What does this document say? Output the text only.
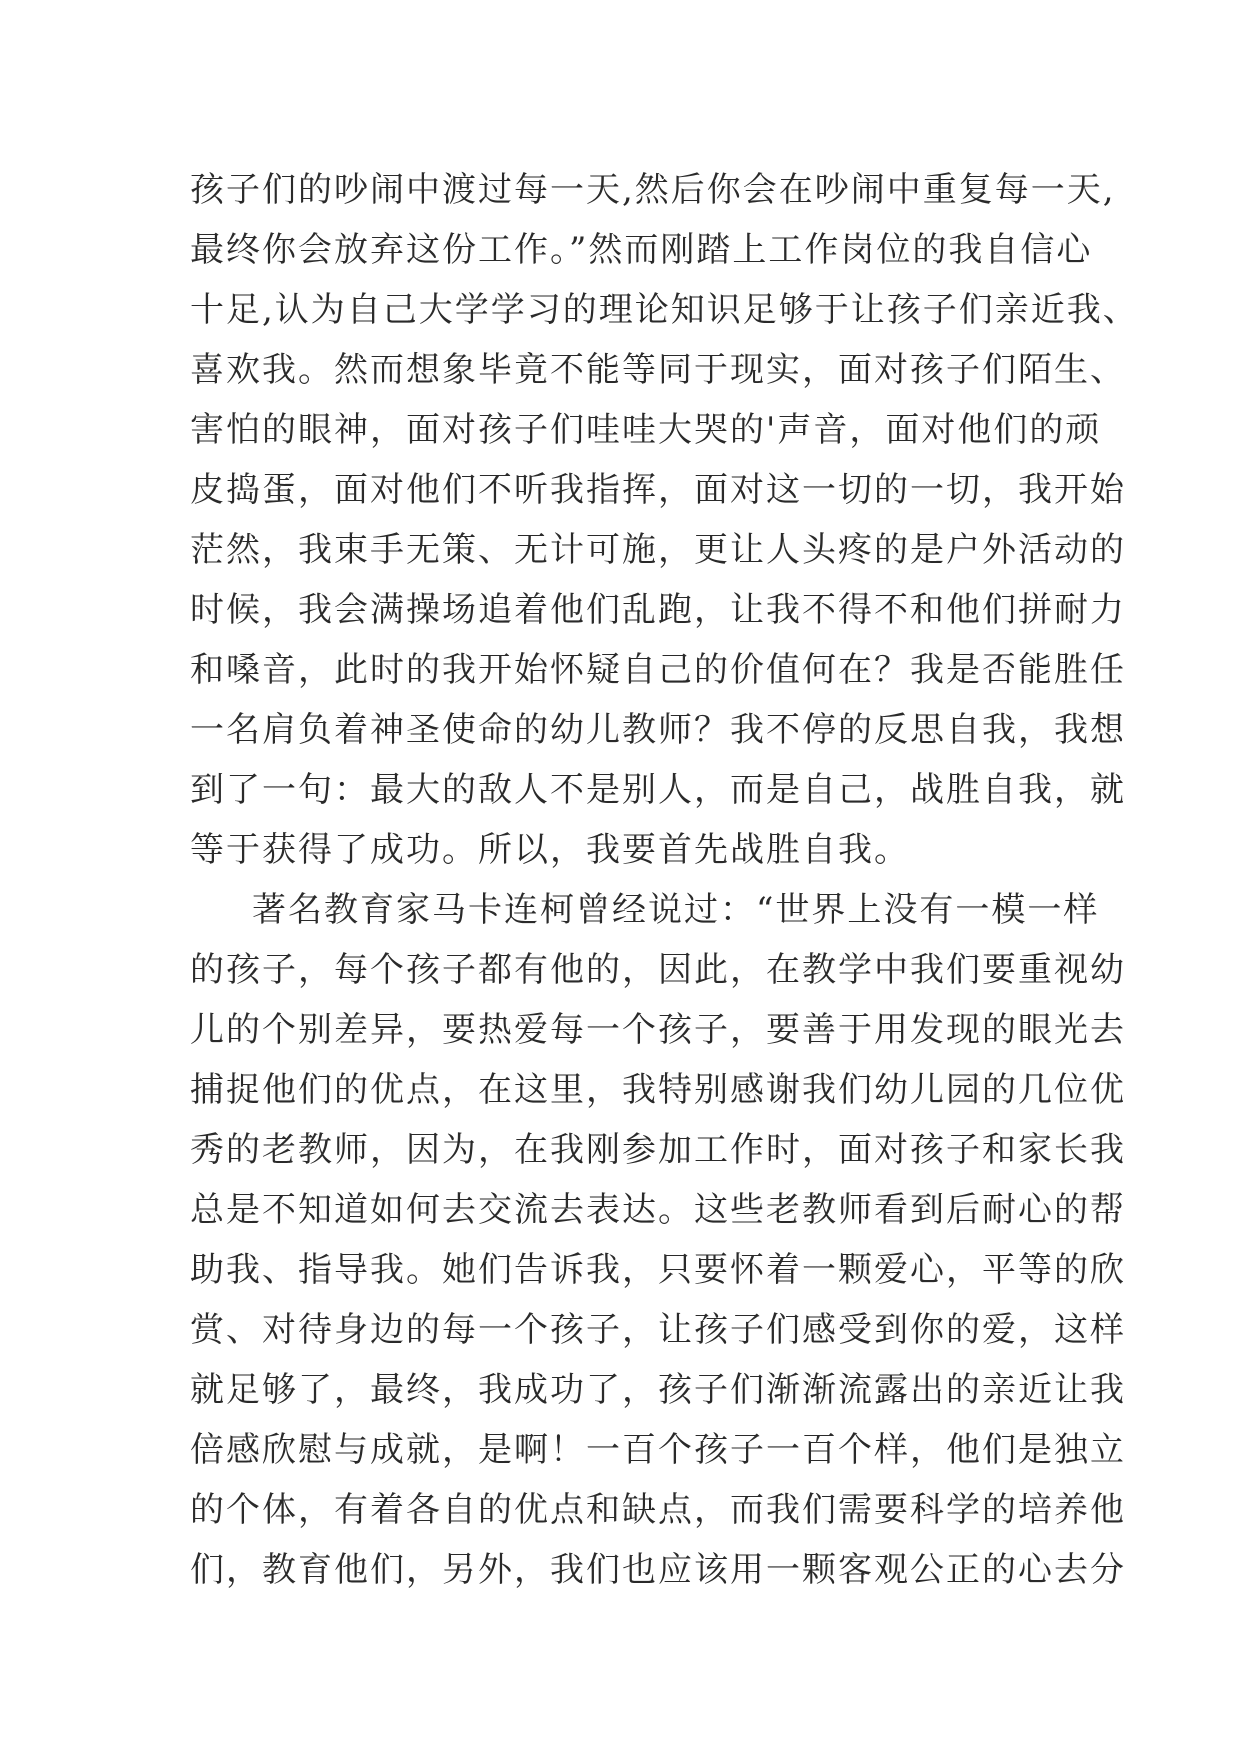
孩子们的吵闹中渡过每一天,然后你会在吵闹中重复每一天,
最终你会放弃这份工作。”然而刚踏上工作岗位的我自信心
十足,认为自己大学学习的理论知识足够于让孩子们亲近我、
喜欢我。然而想象毕竟不能等同于现实，面对孩子们陌生、
害怕的眼神，面对孩子们哇哇大哭的'声音，面对他们的顽
皮捣蛋，面对他们不听我指挥，面对这一切的一切，我开始
茫然，我束手无策、无计可施，更让人头疼的是户外活动的
时候，我会满操场追着他们乱跑，让我不得不和他们拼耐力
和嗓音，此时的我开始怀疑自己的价值何在？我是否能胜任
一名肩负着神圣使命的幼儿教师？我不停的反思自我，我想
到了一句：最大的敌人不是别人，而是自己，战胜自我，就
等于获得了成功。所以，我要首先战胜自我。
著名教育家马卡连柯曾经说过：“世界上没有一模一样
的孩子，每个孩子都有他的，因此，在教学中我们要重视幼
儿的个别差异，要热爱每一个孩子，要善于用发现的眼光去
捕捉他们的优点，在这里，我特别感谢我们幼儿园的几位优
秀的老教师，因为，在我刚参加工作时，面对孩子和家长我
总是不知道如何去交流去表达。这些老教师看到后耐心的帮
助我、指导我。她们告诉我，只要怀着一颗爱心，平等的欣
赏、对待身边的每一个孩子，让孩子们感受到你的爱，这样
就足够了，最终，我成功了，孩子们渐渐流露出的亲近让我
倍感欣慰与成就，是啊！一百个孩子一百个样，他们是独立
的个体，有着各自的优点和缺点，而我们需要科学的培养他
们，教育他们，另外，我们也应该用一颗客观公正的心去分
